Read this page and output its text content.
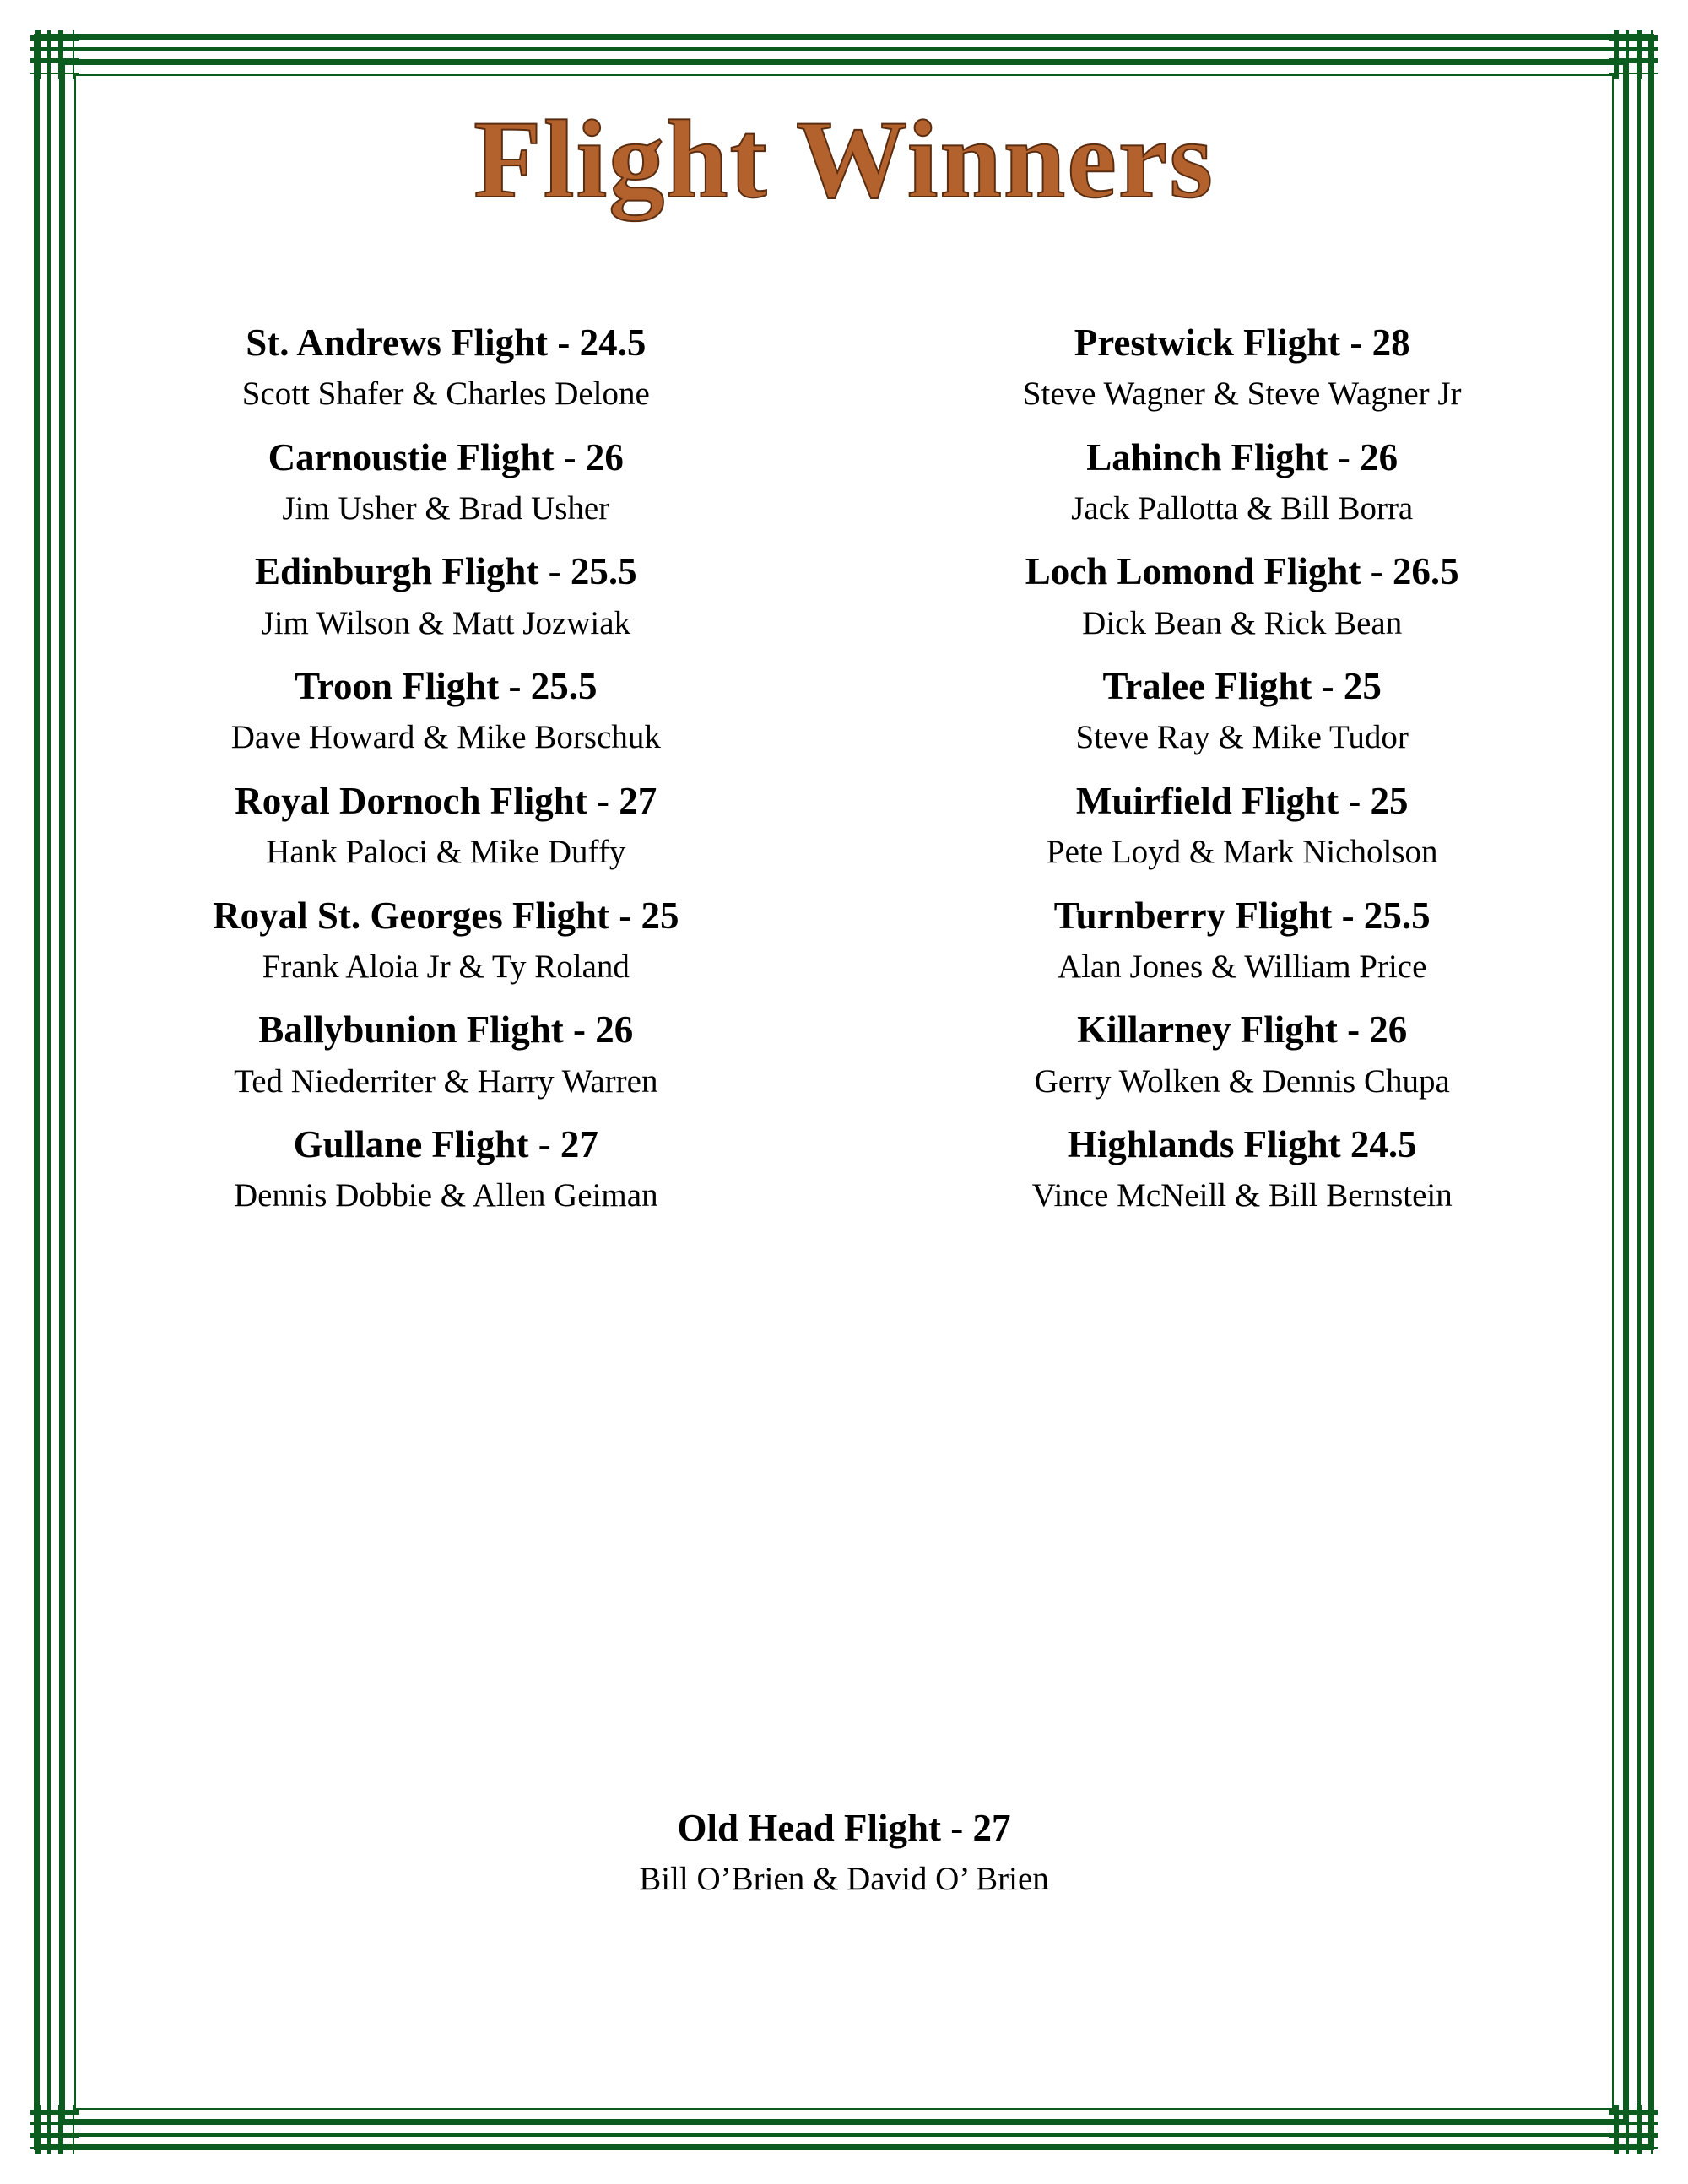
Flight Winners
St. Andrews Flight - 24.5
Scott Shafer & Charles Delone
Carnoustie Flight - 26
Jim Usher & Brad Usher
Edinburgh Flight - 25.5
Jim Wilson & Matt Jozwiak
Troon Flight - 25.5
Dave Howard & Mike Borschuk
Royal Dornoch Flight - 27
Hank Paloci & Mike Duffy
Royal St. Georges Flight - 25
Frank Aloia Jr & Ty Roland
Ballybunion Flight - 26
Ted Niederriter & Harry Warren
Gullane Flight - 27
Dennis Dobbie & Allen Geiman
Prestwick Flight - 28
Steve Wagner & Steve Wagner Jr
Lahinch Flight - 26
Jack Pallotta & Bill Borra
Loch Lomond Flight - 26.5
Dick Bean & Rick Bean
Tralee Flight - 25
Steve Ray & Mike Tudor
Muirfield Flight - 25
Pete Loyd & Mark Nicholson
Turnberry Flight - 25.5
Alan Jones & William Price
Killarney Flight - 26
Gerry Wolken & Dennis Chupa
Highlands Flight 24.5
Vince McNeill & Bill Bernstein
Old Head Flight - 27
Bill O’Brien & David O’ Brien
